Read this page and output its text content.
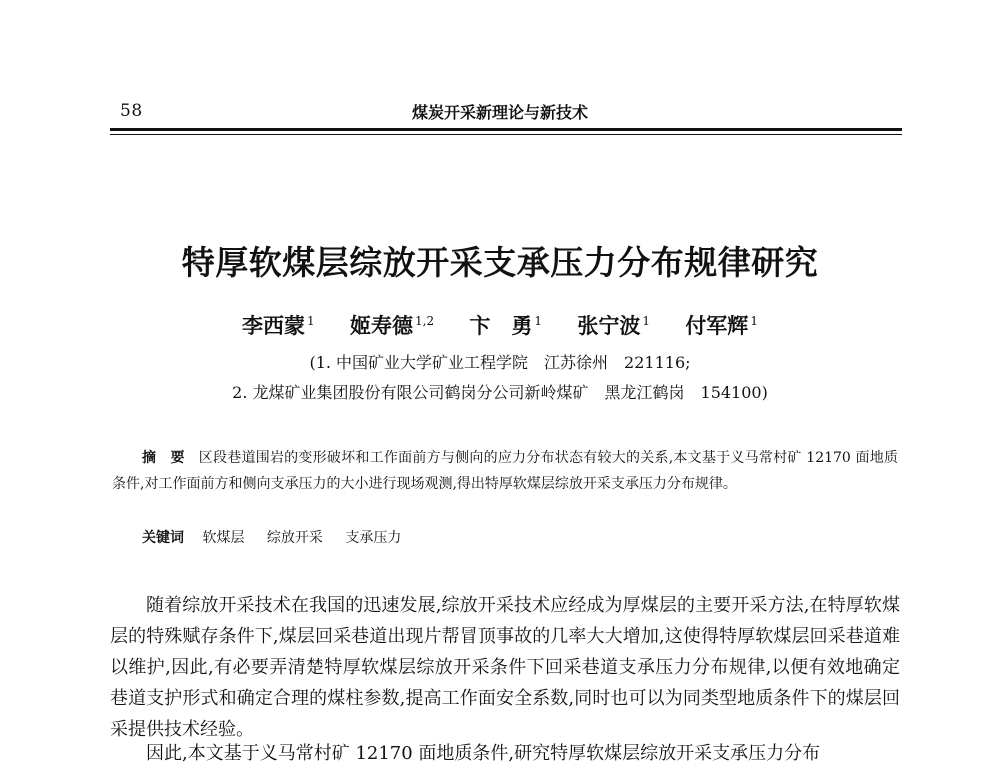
58	煤炭开采新理论与新技术
特厚软煤层综放开采支承压力分布规律研究
李西蒙 $^1$ 姬寿德 $^{1,2}$ 卞　勇 $^1$ 张宁波 $^1$ 付军辉 $^1$
(1. 中国矿业大学矿业工程学院　江苏徐州　221116;
2. 龙煤矿业集团股份有限公司鹤岗分公司新岭煤矿　黑龙江鹤岗　154100)
摘　要 区段巷道围岩的变形破坏和工作面前方与侧向的应力分布状态有较大的关系,本文基于义马常村矿 12170 面地质条件,对工作面前方和侧向支承压力的大小进行现场观测,得出特厚软煤层综放开采支承压力分布规律。
关键词 软煤层 综放开采 支承压力

随着综放开采技术在我国的迅速发展,综放开采技术应经成为厚煤层的主要开采方法,在特厚软煤层的特殊赋存条件下,煤层回采巷道出现片帮冒顶事故的几率大大增加,这使得特厚软煤层回采巷道难以维护,因此,有必要弄清楚特厚软煤层综放开采条件下回采巷道支承压力分布规律,以便有效地确定巷道支护形式和确定合理的煤柱参数,提高工作面安全系数,同时也可以为同类型地质条件下的煤层回采提供技术经验。

因此,本文基于义马常村矿 12170 面地质条件,研究特厚软煤层综放开采支承压力分布
